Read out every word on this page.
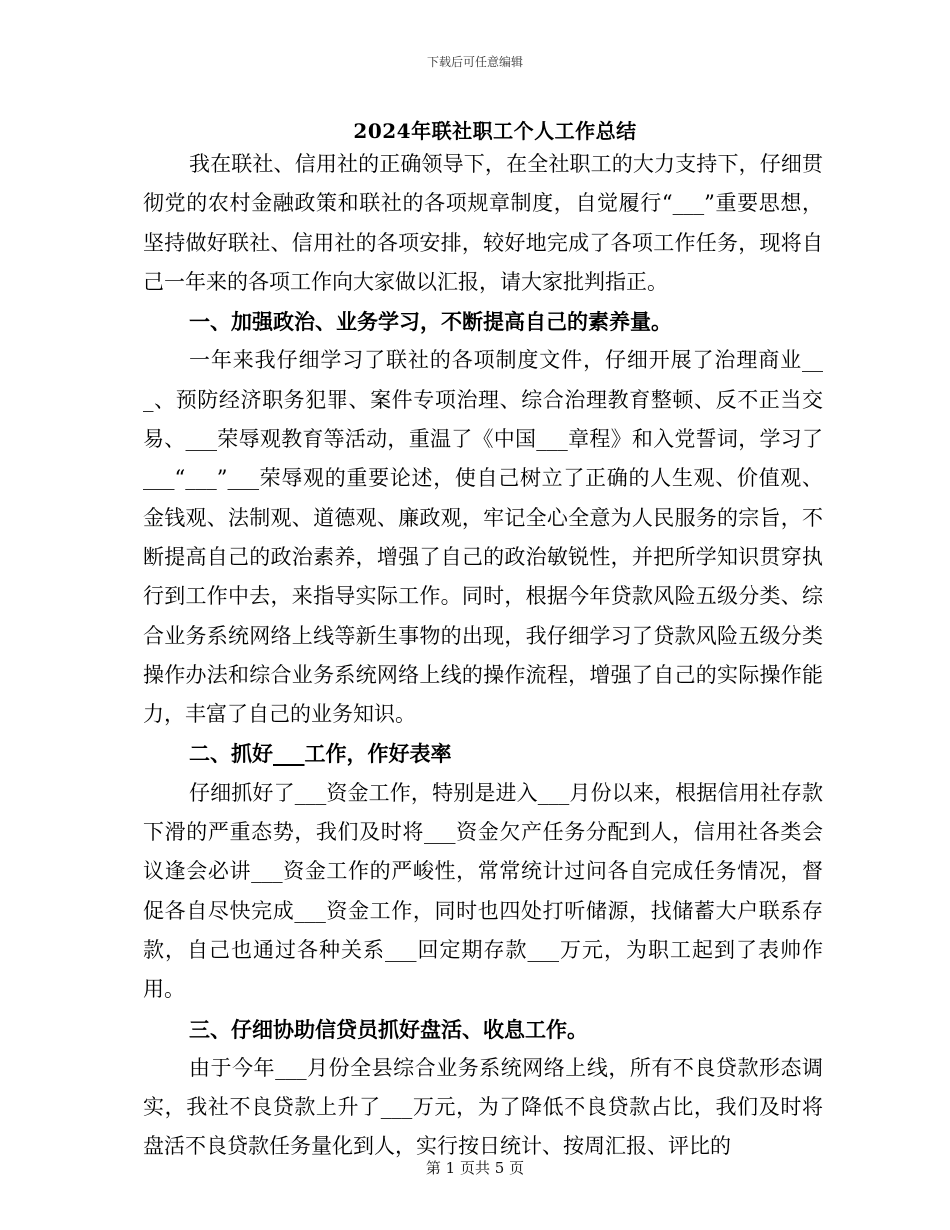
下载后可任意编辑
2024年联社职工个人工作总结

我在联社、信用社的正确领导下，在全社职工的大力支持下，仔细贯彻党的农村金融政策和联社的各项规章制度，自觉履行“___”重要思想，坚持做好联社、信用社的各项安排，较好地完成了各项工作任务，现将自己一年来的各项工作向大家做以汇报，请大家批判指正。

一、加强政治、业务学习，不断提高自己的素养量。

一年来我仔细学习了联社的各项制度文件，仔细开展了治理商业___、预防经济职务犯罪、案件专项治理、综合治理教育整顿、反不正当交易、___荣辱观教育等活动，重温了《中国___章程》和入党誓词，学习了___“___”___荣辱观的重要论述，使自己树立了正确的人生观、价值观、金钱观、法制观、道德观、廉政观，牢记全心全意为人民服务的宗旨，不断提高自己的政治素养，增强了自己的政治敏锐性，并把所学知识贯穿执行到工作中去，来指导实际工作。同时，根据今年贷款风险五级分类、综合业务系统网络上线等新生事物的出现，我仔细学习了贷款风险五级分类操作办法和综合业务系统网络上线的操作流程，增强了自己的实际操作能力，丰富了自己的业务知识。

二、抓好___工作，作好表率

仔细抓好了___资金工作，特别是进入___月份以来，根据信用社存款下滑的严重态势，我们及时将___资金欠产任务分配到人，信用社各类会议逢会必讲___资金工作的严峻性，常常统计过问各自完成任务情况，督促各自尽快完成___资金工作，同时也四处打听储源，找储蓄大户联系存款，自己也通过各种关系___回定期存款___万元，为职工起到了表帅作用。

三、仔细协助信贷员抓好盘活、收息工作。

由于今年___月份全县综合业务系统网络上线，所有不良贷款形态调实，我社不良贷款上升了___万元，为了降低不良贷款占比，我们及时将盘活不良贷款任务量化到人，实行按日统计、按周汇报、评比的

第 1 页共 5 页
